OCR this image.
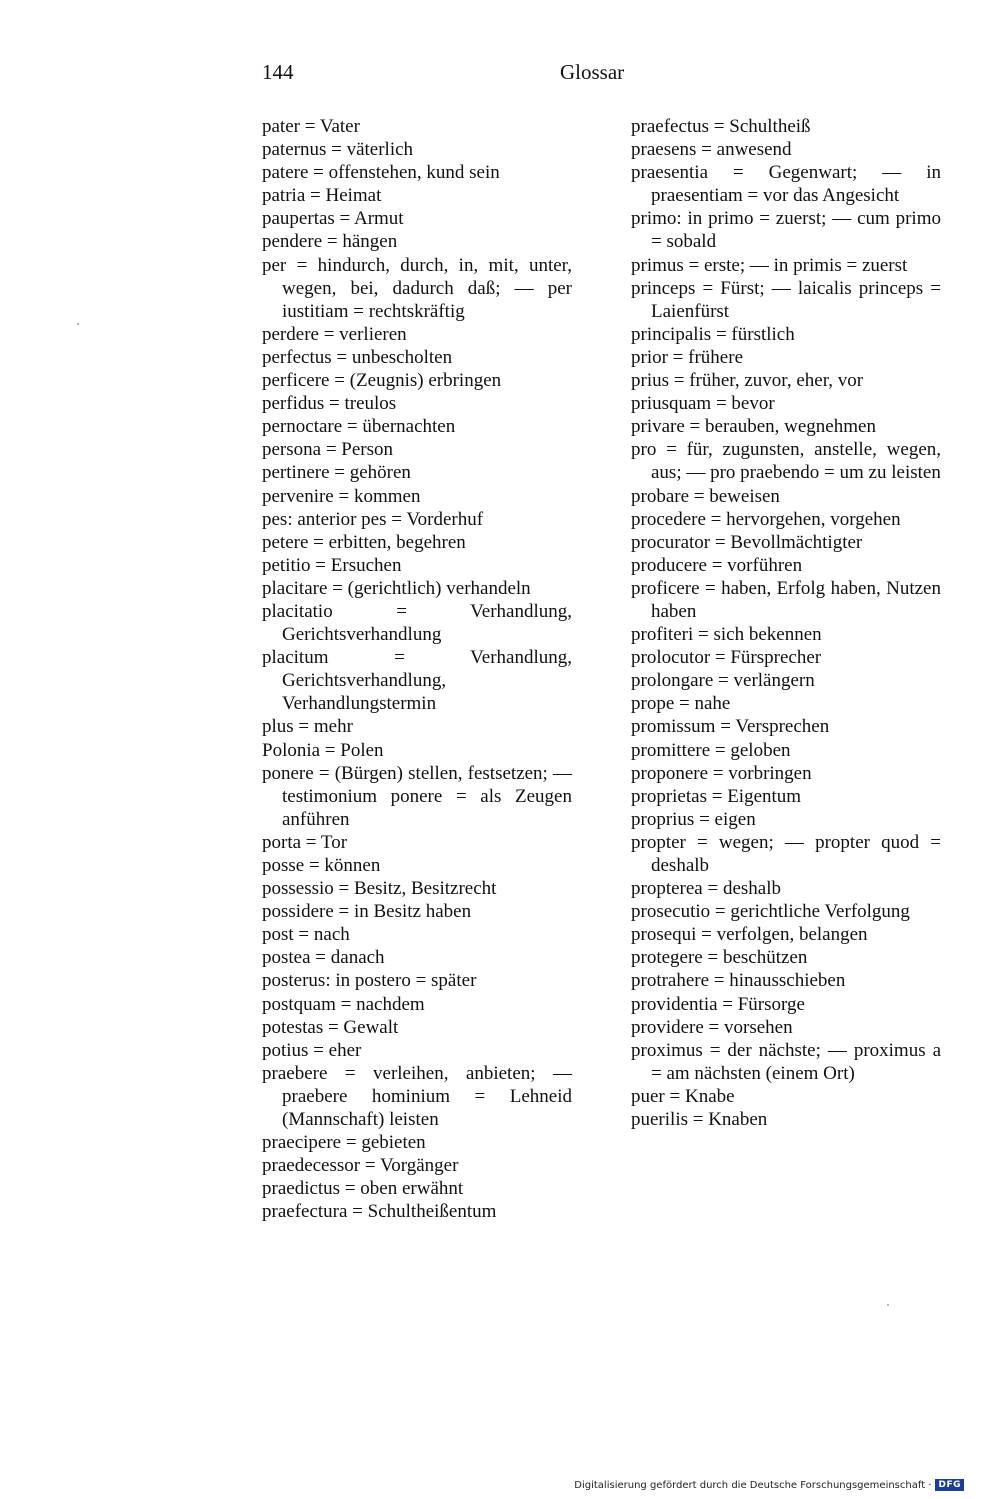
144	Glossar
pater = Vater
paternus = väterlich
patere = offenstehen, kund sein
patria = Heimat
paupertas = Armut
pendere = hängen
per = hindurch, durch, in, mit, unter, wegen, bei, dadurch daß; — per iustitiam = rechtskräftig
perdere = verlieren
perfectus = unbescholten
perficere = (Zeugnis) erbringen
perfidus = treulos
pernoctare = übernachten
persona = Person
pertinere = gehören
pervenire = kommen
pes: anterior pes = Vorderhuf
petere = erbitten, begehren
petitio = Ersuchen
placitare = (gerichtlich) verhandeln
placitatio = Verhandlung, Gerichtsverhandlung
placitum = Verhandlung, Gerichtsverhandlung, Verhandlungstermin
plus = mehr
Polonia = Polen
ponere = (Bürgen) stellen, festsetzen; — testimonium ponere = als Zeugen anführen
porta = Tor
posse = können
possessio = Besitz, Besitzrecht
possidere = in Besitz haben
post = nach
postea = danach
posterus: in postero = später
postquam = nachdem
potestas = Gewalt
potius = eher
praebere = verleihen, anbieten; — praebere hominium = Lehneid (Mannschaft) leisten
praecipere = gebieten
praedecessor = Vorgänger
praedictus = oben erwähnt
praefectura = Schultheißentum
praefectus = Schultheiß
praesens = anwesend
praesentia = Gegenwart; — in praesentiam = vor das Angesicht
primo: in primo = zuerst; — cum primo = sobald
primus = erste; — in primis = zuerst
princeps = Fürst; — laicalis princeps = Laienfürst
principalis = fürstlich
prior = frühere
prius = früher, zuvor, eher, vor
priusquam = bevor
privare = berauben, wegnehmen
pro = für, zugunsten, anstelle, wegen, aus; — pro praebendo = um zu leisten
probare = beweisen
procedere = hervorgehen, vorgehen
procurator = Bevollmächtigter
producere = vorführen
proficere = haben, Erfolg haben, Nutzen haben
profiteri = sich bekennen
prolocutor = Fürsprecher
prolongare = verlängern
prope = nahe
promissum = Versprechen
promittere = geloben
proponere = vorbringen
proprietas = Eigentum
proprius = eigen
propter = wegen; — propter quod = deshalb
propterea = deshalb
prosecutio = gerichtliche Verfolgung
prosequi = verfolgen, belangen
protegere = beschützen
protrahere = hinausschieben
providentia = Fürsorge
providere = vorsehen
proximus = der nächste; — proximus a = am nächsten (einem Ort)
puer = Knabe
puerilis = Knaben
Digitalisierung gefördert durch die Deutsche Forschungsgemeinschaft · DFG
